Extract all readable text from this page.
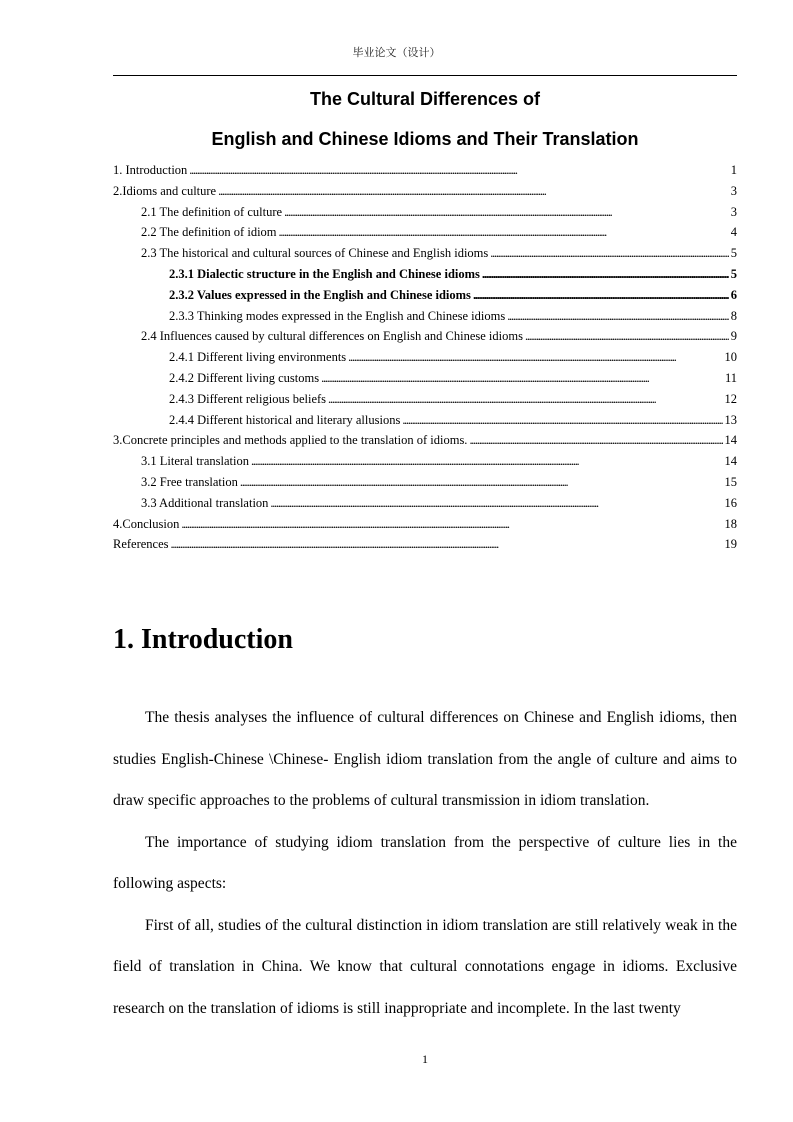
毕业论文（设计）
The Cultural Differences of
English and Chinese Idioms and Their Translation
1. Introduction . . .	1
2.Idioms and culture . . .	3
2.1 The definition of culture . . .	3
2.2 The definition of idiom . . .	4
2.3 The historical and cultural sources of Chinese and English idioms . . .	5
2.3.1 Dialectic structure in the English and Chinese idioms . . .	5
2.3.2 Values expressed in the English and Chinese idioms . . .	6
2.3.3 Thinking modes expressed in the English and Chinese idioms . . .	8
2.4 Influences caused by cultural differences on English and Chinese idioms . . .	9
2.4.1 Different living environments . . .	10
2.4.2 Different living customs . . .	11
2.4.3 Different religious beliefs . . .	12
2.4.4 Different historical and literary allusions . . .	13
3.Concrete principles and methods applied to the translation of idioms. . . .	14
3.1 Literal translation . . .	14
3.2 Free translation . . .	15
3.3 Additional translation . . .	16
4.Conclusion . . .	18
References . . .	19
1. Introduction

The thesis analyses the influence of cultural differences on Chinese and English idioms, then studies English-Chinese \Chinese- English idiom translation from the angle of culture and aims to draw specific approaches to the problems of cultural transmission in idiom translation.

The importance of studying idiom translation from the perspective of culture lies in the following aspects:

First of all, studies of the cultural distinction in idiom translation are still relatively weak in the field of translation in China. We know that cultural connotations engage in idioms. Exclusive research on the translation of idioms is still inappropriate and incomplete. In the last twenty

1
